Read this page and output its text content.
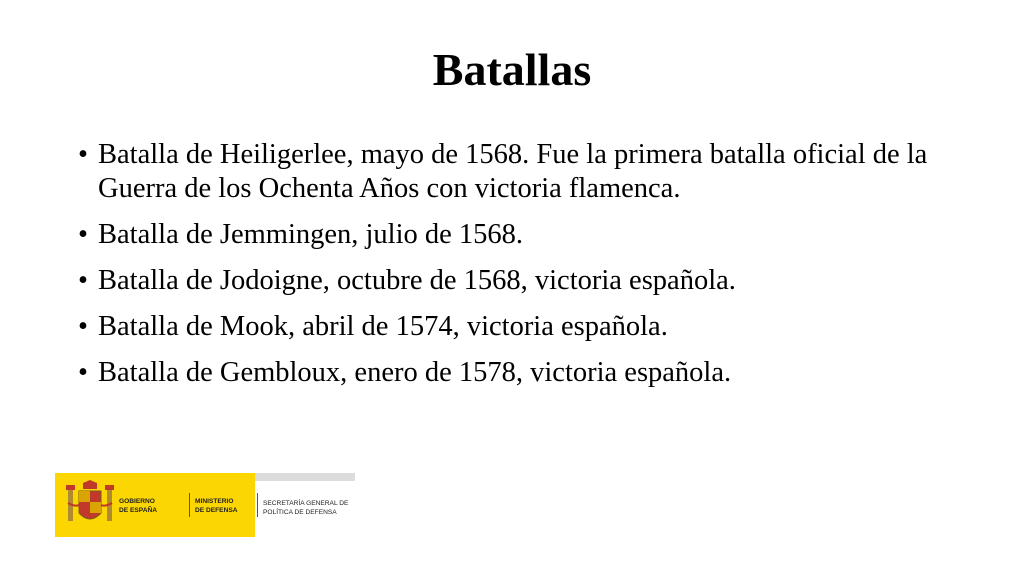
Batallas
• Batalla de Heiligerlee, mayo de 1568. Fue la primera batalla oficial de la Guerra de los Ochenta Años con victoria flamenca.
• Batalla de Jemmingen, julio de 1568.
• Batalla de Jodoigne, octubre de 1568, victoria española.
• Batalla de Mook, abril de 1574, victoria española.
• Batalla de Gembloux, enero de 1578, victoria española.
GOBIERNO
DE ESPAÑA
MINISTERIO
DE DEFENSA
SECRETARÍA GENERAL DE
POLÍTICA DE DEFENSA
